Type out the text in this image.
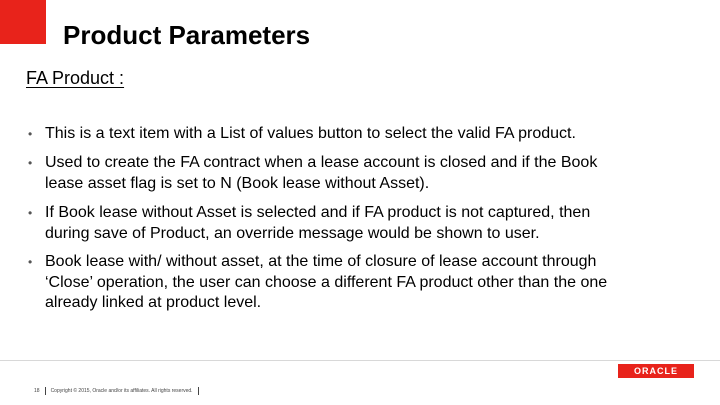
Product Parameters
FA Product :
• This is a text item with a List of values button to select the valid FA product.
• Used to create the FA contract when a lease account is closed and if the Book
lease asset flag is set to N (Book lease without Asset).
• If Book lease without Asset is selected and if FA product is not captured, then
during save of Product, an override message would be shown to user.
• Book lease with/ without asset, at the time of closure of lease account through
‘Close’ operation, the user can choose a different FA product other than the one
already linked at product level.
ORACLE
18 Copyright © 2015, Oracle and/or its affiliates. All rights reserved.
